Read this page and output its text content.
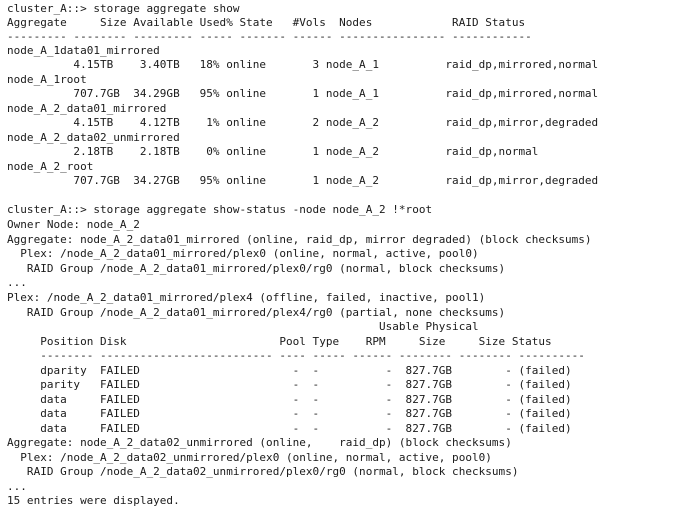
cluster_A::> storage aggregate show
Aggregate     Size Available Used% State   #Vols  Nodes            RAID Status
--------- -------- --------- ----- ------- ------ ---------------- ------------
node_A_1data01_mirrored
4.15TB    3.40TB   18% online       3 node_A_1          raid_dp,mirrored,normal
node_A_1root
707.7GB  34.29GB   95% online       1 node_A_1          raid_dp,mirrored,normal
node_A_2_data01_mirrored
4.15TB    4.12TB    1% online       2 node_A_2          raid_dp,mirror,degraded
node_A_2_data02_unmirrored
2.18TB    2.18TB    0% online       1 node_A_2          raid_dp,normal
node_A_2_root
707.7GB  34.27GB   95% online       1 node_A_2          raid_dp,mirror,degraded
cluster_A::> storage aggregate show-status -node node_A_2 !*root
Owner Node: node_A_2
Aggregate: node_A_2_data01_mirrored (online, raid_dp, mirror degraded) (block checksums)
Plex: /node_A_2_data01_mirrored/plex0 (online, normal, active, pool0)
RAID Group /node_A_2_data01_mirrored/plex0/rg0 (normal, block checksums)
...
Plex: /node_A_2_data01_mirrored/plex4 (offline, failed, inactive, pool1)
RAID Group /node_A_2_data01_mirrored/plex4/rg0 (partial, none checksums)
Usable Physical
Position Disk                       Pool Type    RPM     Size     Size Status
-------- -------------------------- ---- ----- ------ -------- -------- ----------
dparity  FAILED                       -  -          -  827.7GB        - (failed)
parity   FAILED                       -  -          -  827.7GB        - (failed)
data     FAILED                       -  -          -  827.7GB        - (failed)
data     FAILED                       -  -          -  827.7GB        - (failed)
data     FAILED                       -  -          -  827.7GB        - (failed)
Aggregate: node_A_2_data02_unmirrored (online,    raid_dp) (block checksums)
Plex: /node_A_2_data02_unmirrored/plex0 (online, normal, active, pool0)
RAID Group /node_A_2_data02_unmirrored/plex0/rg0 (normal, block checksums)
...
15 entries were displayed.
